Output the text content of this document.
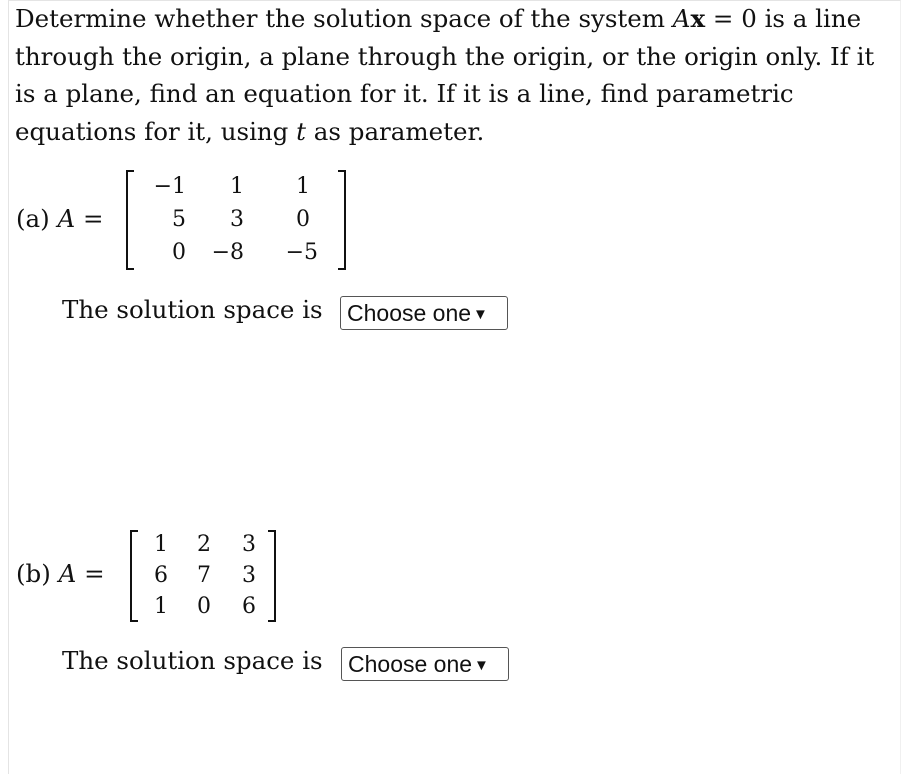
Determine whether the solution space of the system Ax = 0 is a line

through the origin, a plane through the origin, or the origin only. If it

is a plane, find an equation for it. If it is a line, find parametric

equations for it, using t as parameter.

(a) A =
−1 1 1
5 3 0
0 −8 −5
The solution space is	Choose one ▼
(b) A =
1 2 3
6 7 3
1 0 6
The solution space is	Choose one ▼
